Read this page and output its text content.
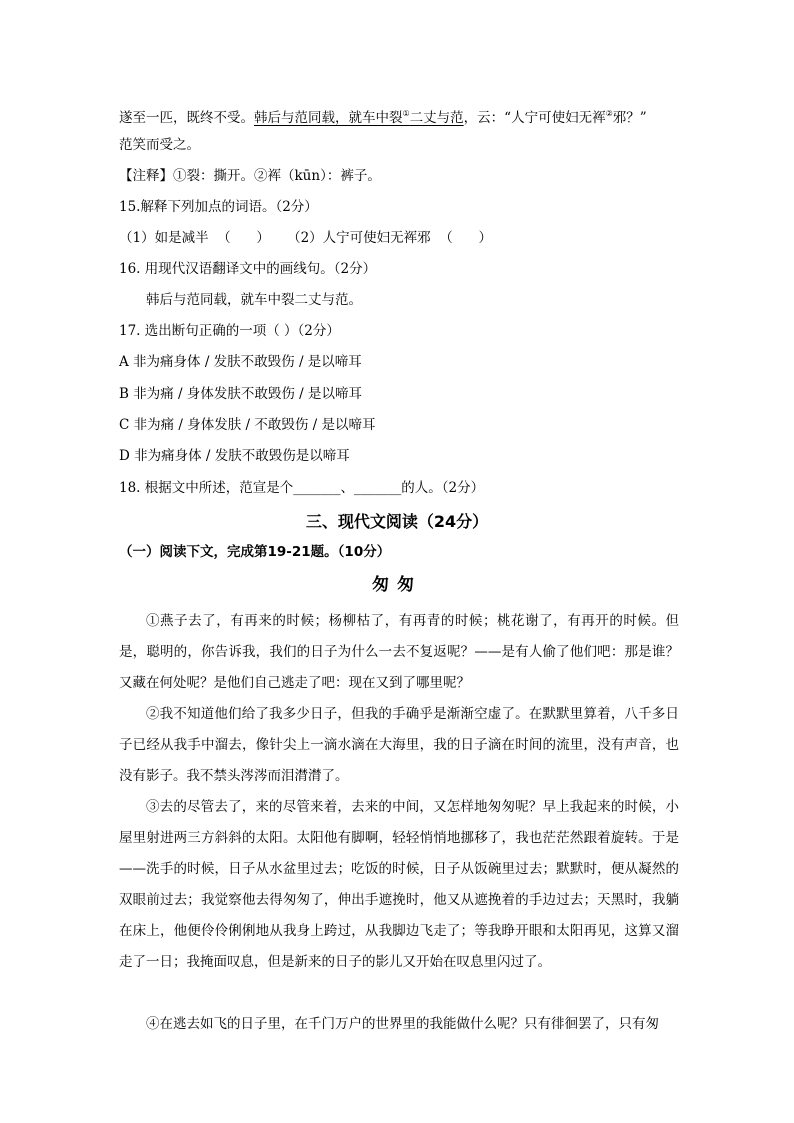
遂至一匹，既终不受。韩后与范同载，就车中裂①二丈与范，云：“人宁可使妇无裈②邪？”
范笑而受之。
【注释】①裂：撕开。②裈（kūn）：裤子。
15.解释下列加点的词语。（2分）
（1）如是减半  （      ）    （2）人宁可使妇无裈邪  （      ）
16. 用现代汉语翻译文中的画线句。（2分）
韩后与范同载，就车中裂二丈与范。
17. 选出断句正确的一项（ ）（2分）
A 非为痛身体 / 发肤不敢毁伤 / 是以啼耳
B 非为痛 / 身体发肤不敢毁伤 / 是以啼耳
C 非为痛 / 身体发肤 / 不敢毁伤 / 是以啼耳
D 非为痛身体 / 发肤不敢毁伤是以啼耳
18. 根据文中所述，范宣是个_______、_______的人。（2分）
三、现代文阅读（24分）
（一）阅读下文，完成第19-21题。（10分）
匆匆
①燕子去了，有再来的时候；杨柳枯了，有再青的时候；桃花谢了，有再开的时候。但是，聪明的，你告诉我，我们的日子为什么一去不复返呢？——是有人偷了他们吧：那是谁？又藏在何处呢？是他们自己逃走了吧：现在又到了哪里呢？
②我不知道他们给了我多少日子，但我的手确乎是渐渐空虚了。在默默里算着，八千多日子已经从我手中溜去，像针尖上一滴水滴在大海里，我的日子滴在时间的流里，没有声音，也没有影子。我不禁头涔涔而泪潸潸了。
③去的尽管去了，来的尽管来着，去来的中间，又怎样地匆匆呢？早上我起来的时候，小屋里射进两三方斜斜的太阳。太阳他有脚啊，轻轻悄悄地挪移了，我也茫茫然跟着旋转。于是——洗手的时候，日子从水盆里过去；吃饭的时候，日子从饭碗里过去；默默时，便从凝然的双眼前过去；我觉察他去得匆匆了，伸出手遮挽时，他又从遮挽着的手边过去；天黑时，我躺在床上，他便伶伶俐俐地从我身上跨过，从我脚边飞走了；等我睁开眼和太阳再见，这算又溜走了一日；我掩面叹息，但是新来的日子的影儿又开始在叹息里闪过了。
④在逃去如飞的日子里，在千门万户的世界里的我能做什么呢？只有徘徊罢了，只有匆
